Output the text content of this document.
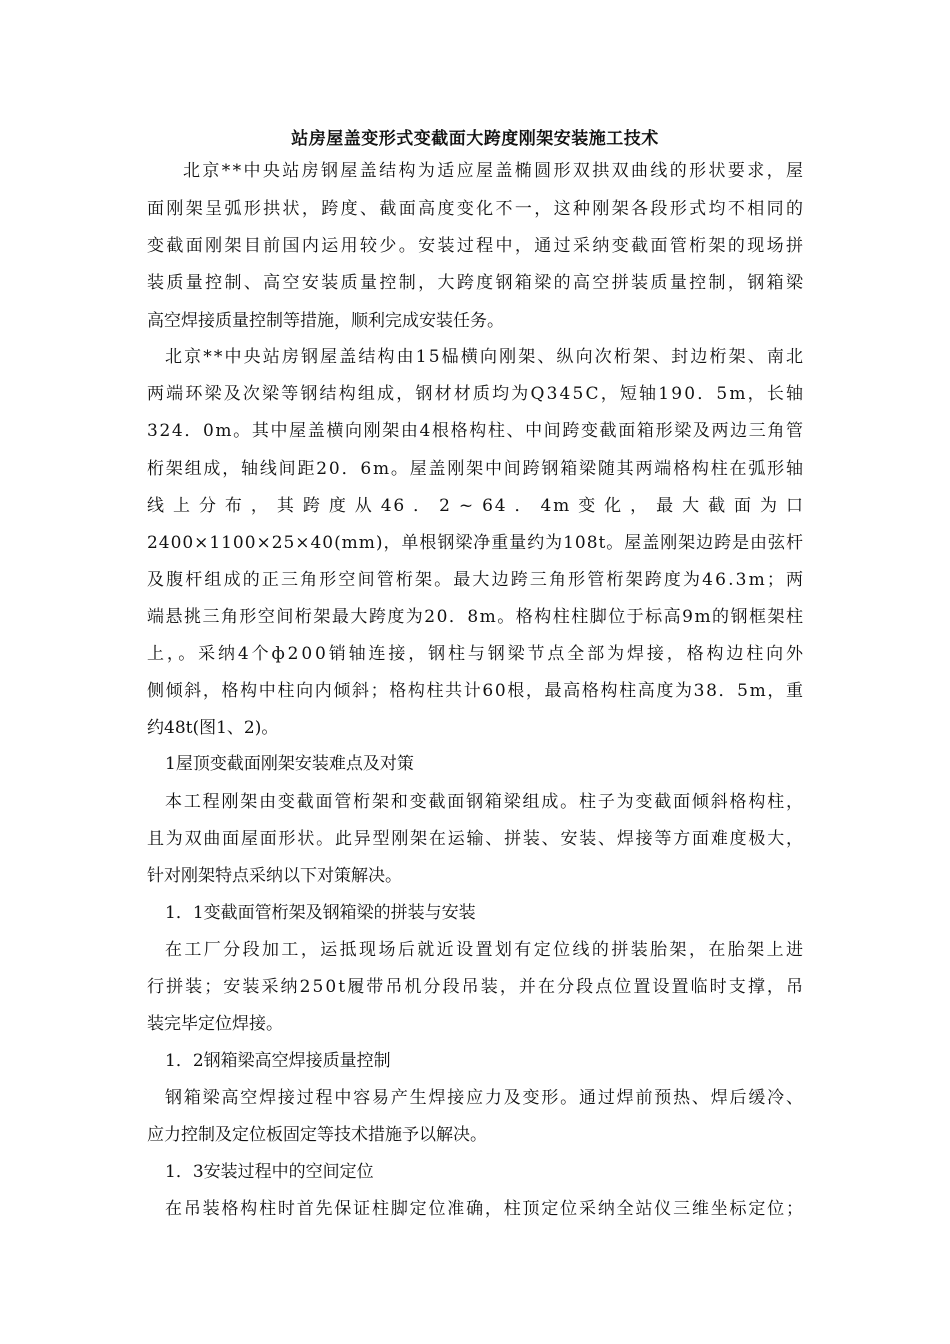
站房屋盖变形式变截面大跨度刚架安装施工技术
北京**中央站房钢屋盖结构为适应屋盖椭圆形双拱双曲线的形状要求，屋
面刚架呈弧形拱状，跨度、截面高度变化不一，这种刚架各段形式均不相同的
变截面刚架目前国内运用较少。安装过程中，通过采纳变截面管桁架的现场拼
装质量控制、高空安装质量控制，大跨度钢箱梁的高空拼装质量控制，钢箱梁
高空焊接质量控制等措施，顺利完成安装任务。
北京**中央站房钢屋盖结构由15榀横向刚架、纵向次桁架、封边桁架、南北
两端环梁及次梁等钢结构组成，钢材材质均为Q345C，短轴190．5m，长轴
324．0m。其中屋盖横向刚架由4根格构柱、中间跨变截面箱形梁及两边三角管
桁架组成，轴线间距20．6m。屋盖刚架中间跨钢箱梁随其两端格构柱在弧形轴
线 上 分 布 ， 其 跨 度 从 46 ． 2 ~ 64 ． 4m 变 化 ， 最 大 截 面 为 口
2400×1100×25×40(mm)，单根钢梁净重量约为108t。屋盖刚架边跨是由弦杆
及腹杆组成的正三角形空间管桁架。最大边跨三角形管桁架跨度为46.3m；两
端悬挑三角形空间桁架最大跨度为20．8m。格构柱柱脚位于标高9m的钢框架柱
上，。采纳4个ф200销轴连接，钢柱与钢梁节点全部为焊接，格构边柱向外
侧倾斜，格构中柱向内倾斜；格构柱共计60根，最高格构柱高度为38．5m，重
约48t(图1、2)。
1屋顶变截面刚架安装难点及对策
本工程刚架由变截面管桁架和变截面钢箱梁组成。柱子为变截面倾斜格构柱，
且为双曲面屋面形状。此异型刚架在运输、拼装、安装、焊接等方面难度极大，
针对刚架特点采纳以下对策解决。
1．1变截面管桁架及钢箱梁的拼装与安装
在工厂分段加工，运抵现场后就近设置划有定位线的拼装胎架，在胎架上进
行拼装；安装采纳250t履带吊机分段吊装，并在分段点位置设置临时支撑，吊
装完毕定位焊接。
1．2钢箱梁高空焊接质量控制
钢箱梁高空焊接过程中容易产生焊接应力及变形。通过焊前预热、焊后缓冷、
应力控制及定位板固定等技术措施予以解决。
1．3安装过程中的空间定位
在吊装格构柱时首先保证柱脚定位准确，柱顶定位采纳全站仪三维坐标定位；
